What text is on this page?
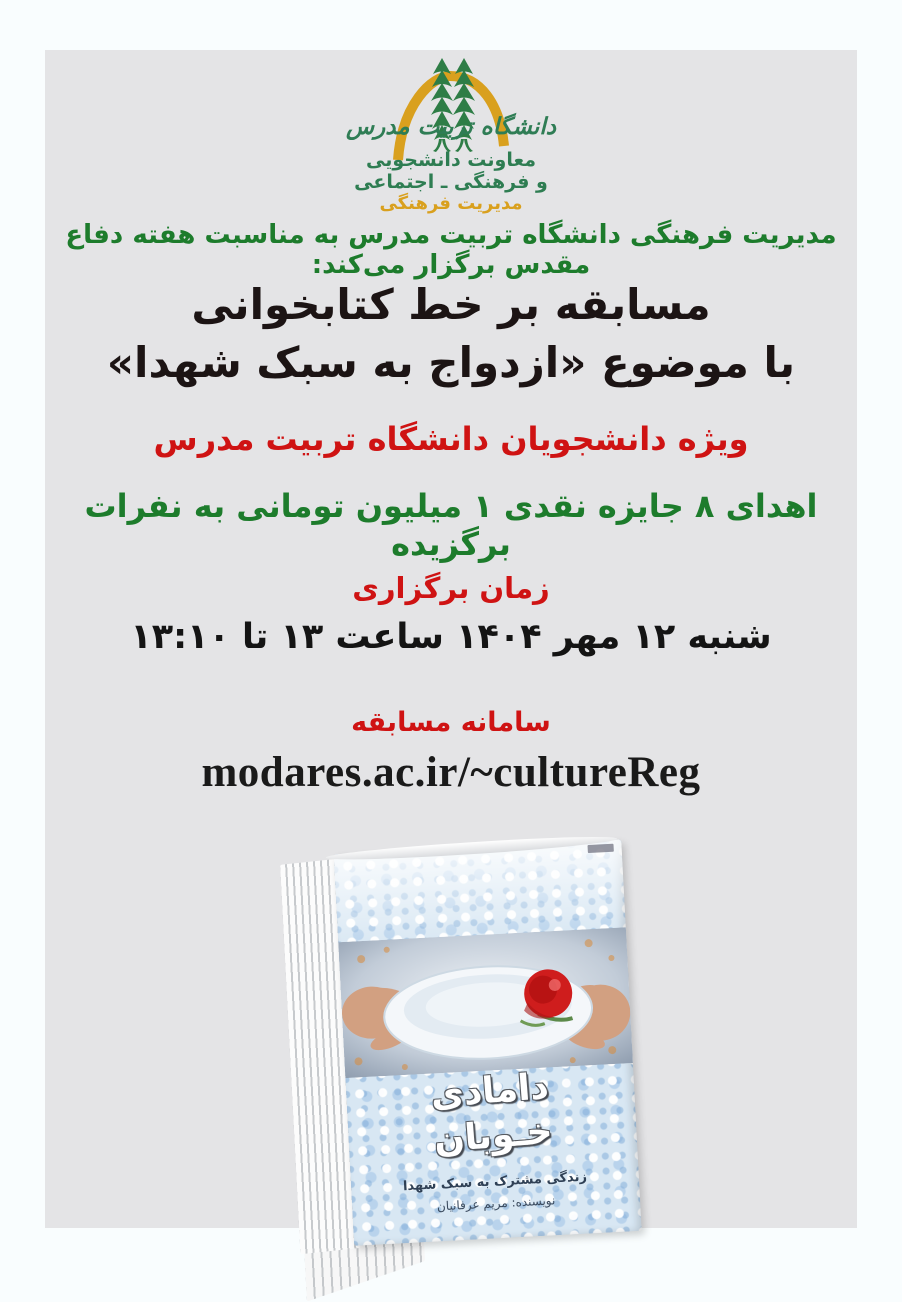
دانشگاه تربیت مدرس
معاونت دانشجویی
و فرهنگی ـ اجتماعی
مدیریت فرهنگی
مدیریت فرهنگی دانشگاه تربیت مدرس به مناسبت هفته دفاع مقدس برگزار می‌کند:
مسابقه بر خط کتابخوانی
با موضوع «ازدواج به سبک شهدا»
ویژه دانشجویان دانشگاه تربیت مدرس
اهدای ۸ جایزه نقدی ۱ میلیون تومانی به نفرات برگزیده
زمان برگزاری
شنبه ۱۲ مهر ۱۴۰۴ ساعت ۱۳ تا ۱۳:۱۰
سامانه مسابقه
modares.ac.ir/~cultureReg
دامادی
خـوبان
زندگی مشترک به سبک شهدا
نویسنده: مریم عرفانیان
